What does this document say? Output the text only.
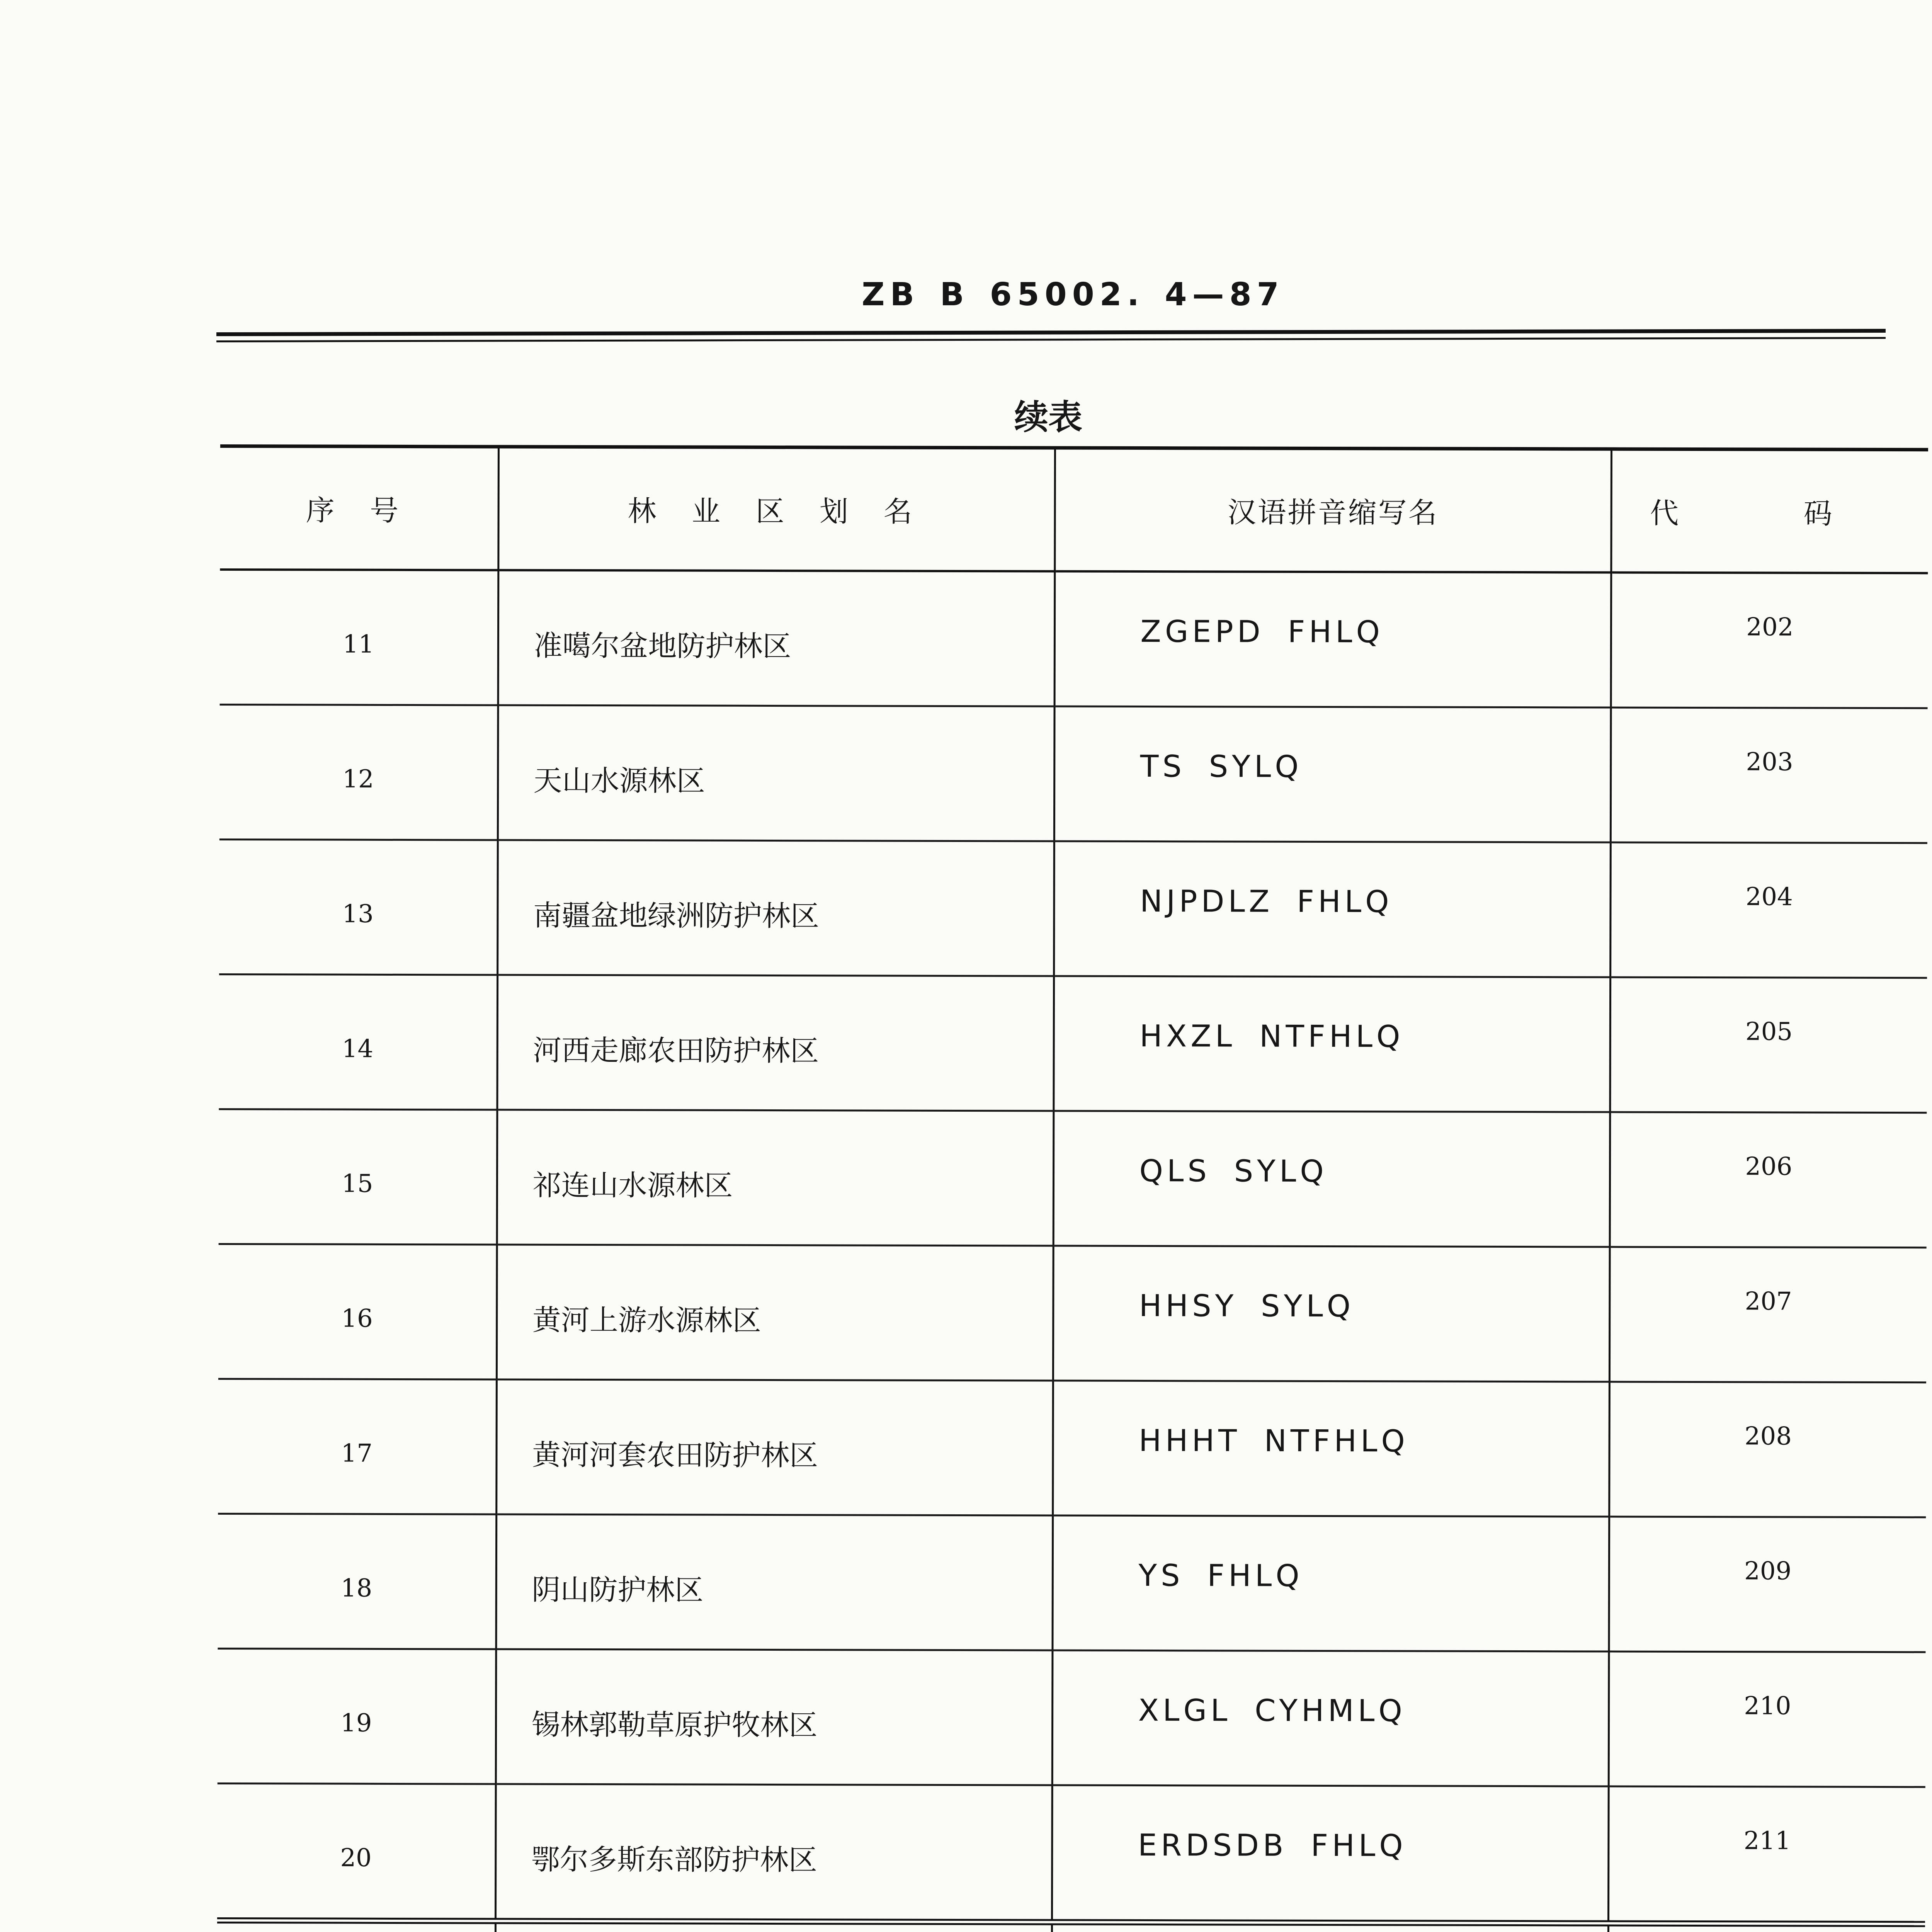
ZB B 65002. 4—87
续表
序 号	林 业 区 划 名	汉语拼音缩写名	代 码
11	准噶尔盆地防护林区	ZGEPD FHLQ	202
12	天山水源林区	TS SYLQ	203
13	南疆盆地绿洲防护林区	NJPDLZ FHLQ	204
14	河西走廊农田防护林区	HXZL NTFHLQ	205
15	祁连山水源林区	QLS SYLQ	206
16	黄河上游水源林区	HHSY SYLQ	207
17	黄河河套农田防护林区	HHHT NTFHLQ	208
18	阴山防护林区	YS FHLQ	209
19	锡林郭勒草原护牧林区	XLGL CYHMLQ	210
20	鄂尔多斯东部防护林区	ERDSDB FHLQ	211
